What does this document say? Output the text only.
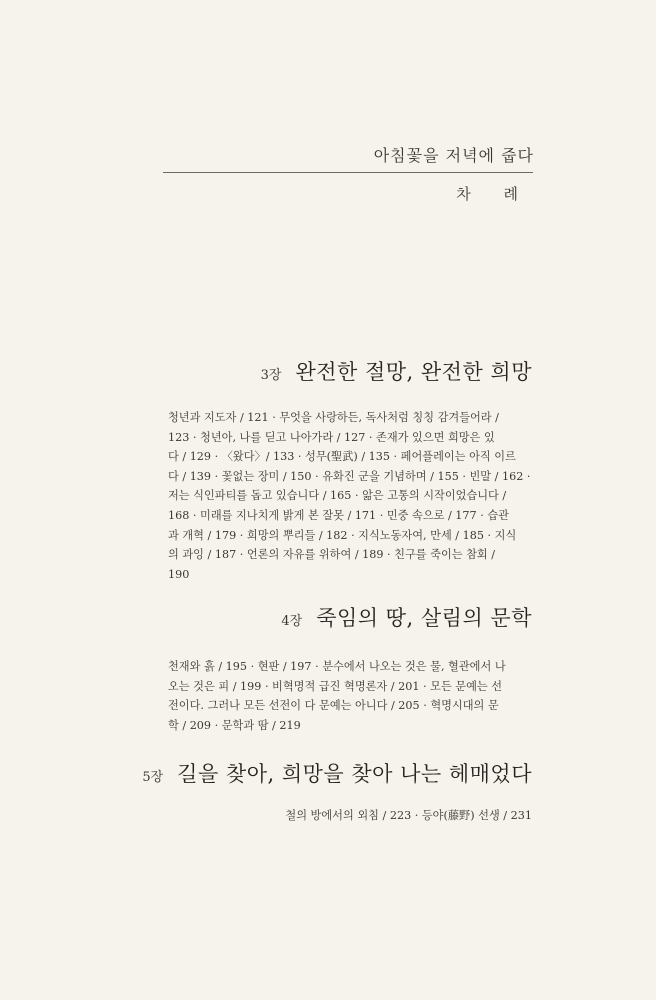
아침꽃을 저녁에 줍다
차 례
3장 완전한 절망, 완전한 희망
청년과 지도자 / 121 · 무엇을 사랑하든, 독사처럼 칭칭 감겨들어라 /
123 · 청년아, 나를 딛고 나아가라 / 127 · 존재가 있으면 희망은 있
다 / 129 · 〈왔다〉/ 133 · 성무(聖武) / 135 · 페어플레이는 아직 이르
다 / 139 · 꽃없는 장미 / 150 · 유화진 군을 기념하며 / 155 · 빈말 / 162 ·
저는 식인파티를 돕고 있습니다 / 165 · 앎은 고통의 시작이었습니다 /
168 · 미래를 지나치게 밝게 본 잘못 / 171 · 민중 속으로 / 177 · 습관
과 개혁 / 179 · 희망의 뿌리들 / 182 · 지식노동자여, 만세 / 185 · 지식
의 과잉 / 187 · 언론의 자유를 위하여 / 189 · 친구를 죽이는 참회 /
190
4장 죽임의 땅, 살림의 문학
천재와 흙 / 195 · 현판 / 197 · 분수에서 나오는 것은 물, 혈관에서 나
오는 것은 피 / 199 · 비혁명적 급진 혁명론자 / 201 · 모든 문예는 선
전이다. 그러나 모든 선전이 다 문예는 아니다 / 205 · 혁명시대의 문
학 / 209 · 문학과 땀 / 219
5장 길을 찾아, 희망을 찾아 나는 헤매었다
철의 방에서의 외침 / 223 · 등야(藤野) 선생 / 231
